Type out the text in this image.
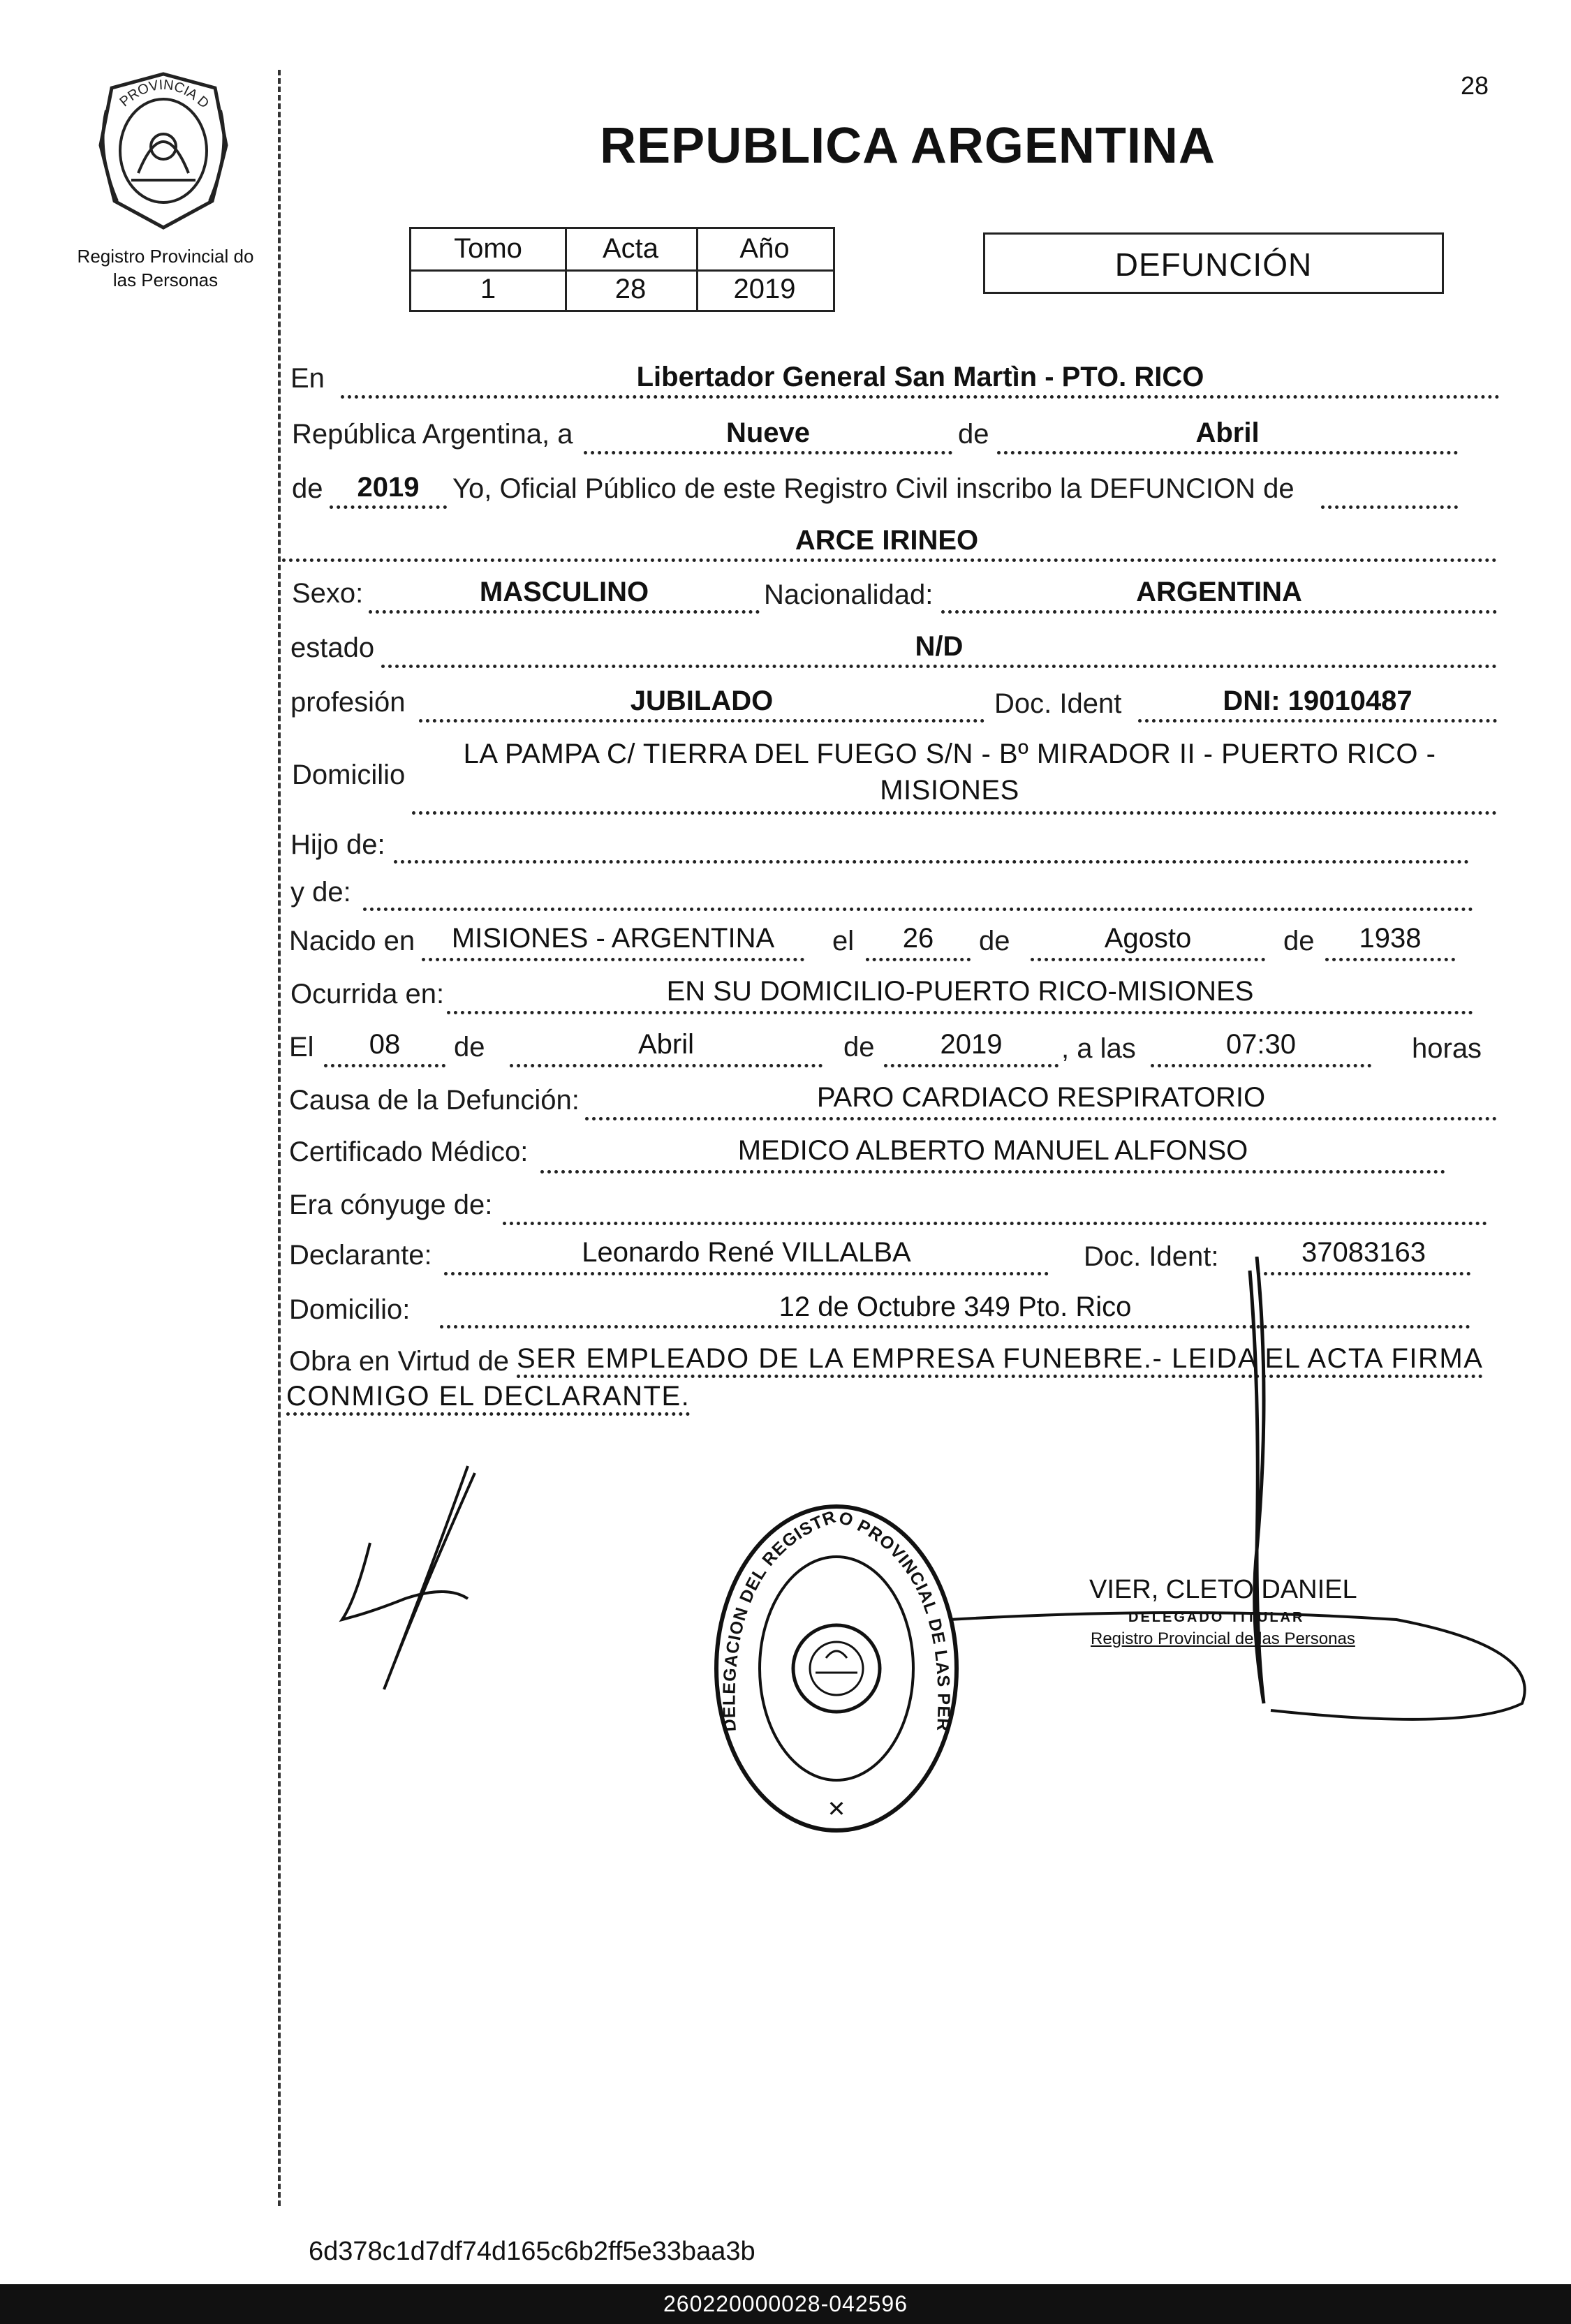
28
PROVINCIA D
Registro Provincial do
las Personas
REPUBLICA ARGENTINA
Tomo	Acta	Año
1	28	2019
DEFUNCIÓN
En	Libertador General San Martìn - PTO. RICO
República Argentina, a	Nueve	de	Abril
de	2019	Yo, Oficial Público de este Registro Civil inscribo la DEFUNCION de
ARCE IRINEO
Sexo:	MASCULINO	Nacionalidad:	ARGENTINA
estado	N/D
profesión	JUBILADO	Doc. Ident	DNI: 19010487
Domicilio
LA PAMPA C/ TIERRA DEL FUEGO S/N - Bº MIRADOR II - PUERTO RICO -
MISIONES
Hijo de:
y de:
Nacido en	MISIONES - ARGENTINA	el	26	de	Agosto	de	1938
Ocurrida en:	EN SU DOMICILIO-PUERTO RICO-MISIONES
El	08	de	Abril	de	2019	, a las	07:30	horas
Causa de la Defunción:	PARO CARDIACO RESPIRATORIO
Certificado Médico:	MEDICO ALBERTO MANUEL ALFONSO
Era cónyuge de:
Declarante:	Leonardo René VILLALBA	Doc. Ident:	37083163
Domicilio:	12 de Octubre 349 Pto. Rico
Obra en Virtud de SER EMPLEADO DE LA EMPRESA FUNEBRE.- LEIDA EL ACTA FIRMA
CONMIGO EL DECLARANTE.
DELEGACION DEL REGISTRO PROVINCIAL DE LAS PER
✕
VIER, CLETO DANIEL
DELEGADO TITULAR
Registro Provincial de las Personas
6d378c1d7df74d165c6b2ff5e33baa3b
260220000028-042596
